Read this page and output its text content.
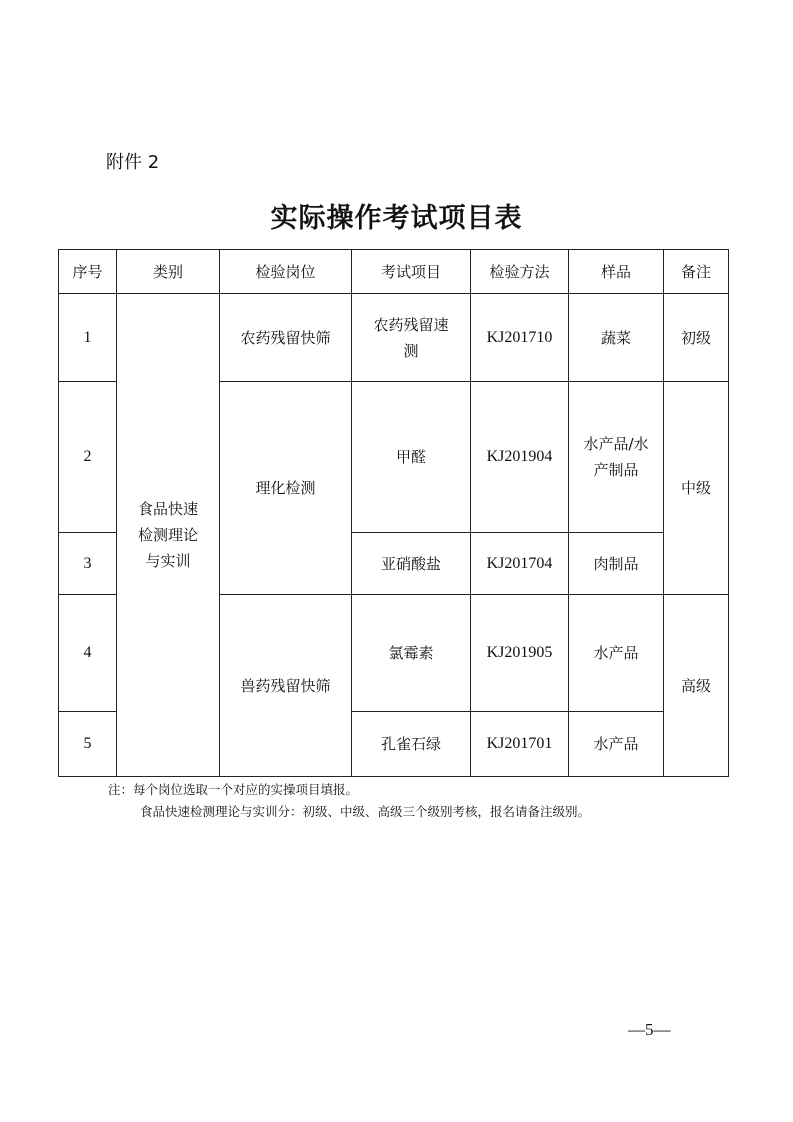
附件 2
实际操作考试项目表
序号	类别	检验岗位	考试项目	检验方法	样品	备注
1	食品快速检测理论与实训	农药残留快筛	农药残留速测	KJ201710	蔬菜	初级
2		理化检测	甲醛	KJ201904	水产品/水产制品	中级
3			亚硝酸盐	KJ201704	肉制品	
4		兽药残留快筛	氯霉素	KJ201905	水产品	高级
5			孔雀石绿	KJ201701	水产品	
注：每个岗位选取一个对应的实操项目填报。
食品快速检测理论与实训分：初级、中级、高级三个级别考核，报名请备注级别。
—5—
